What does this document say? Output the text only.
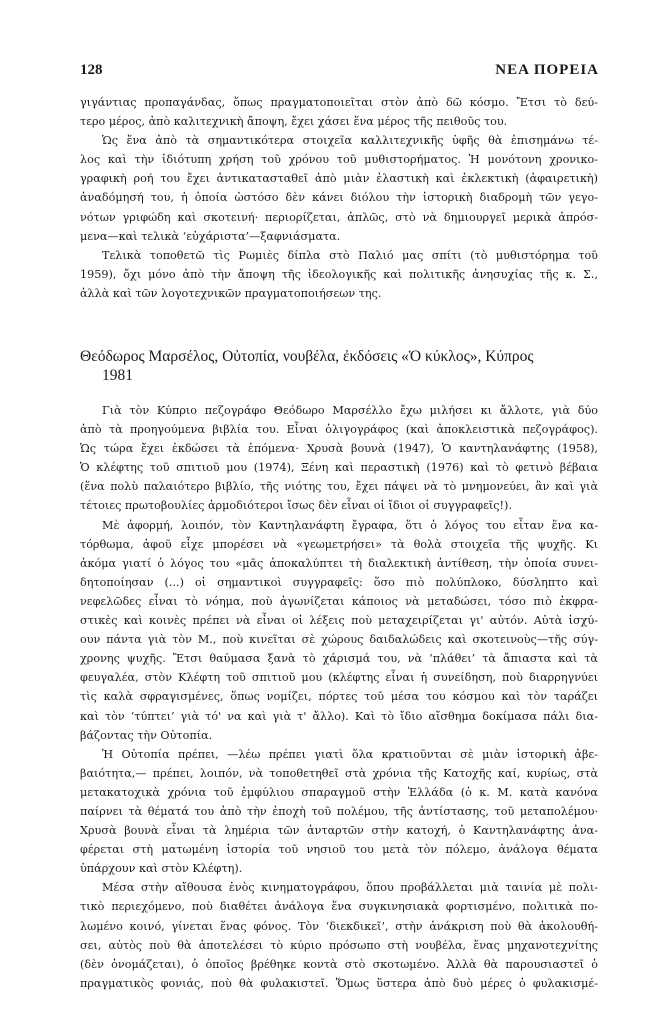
128	ΝΕΑ ΠΟΡΕΙΑ
γιγάντιας προπαγάνδας, ὅπως πραγματοποιεῖται στὸν ἀπὸ δῶ κόσμο. Ἔτσι τὸ δεύ-
τερο μέρος, ἀπὸ καλιτεχνικὴ ἄποψη, ἔχει χάσει ἕνα μέρος τῆς πειθοῦς του.
Ὡς ἕνα ἀπὸ τὰ σημαντικότερα στοιχεῖα καλλιτεχνικῆς ὑφῆς θὰ ἐπισημάνω τέ-
λος καὶ τὴν ἰδιότυπη χρήση τοῦ χρόνου τοῦ μυθιστορήματος. Ἡ μονότονη χρονικο-
γραφικὴ ροή του ἔχει ἀντικατασταθεῖ ἀπὸ μιὰν ἐλαστικὴ καὶ ἐκλεκτικὴ (ἀφαιρετικὴ)
ἀναδόμησή του, ἡ ὁποία ὡστόσο δὲν κάνει διόλου τὴν ἱστορικὴ διαδρομὴ τῶν γεγο-
νότων γριφώδη καὶ σκοτεινή· περιορίζεται, ἁπλῶς, στὸ νὰ δημιουργεῖ μερικὰ ἀπρόσ-
μενα—καὶ τελικὰ ‘εὐχάριστα’—ξαφνιάσματα.
Τελικὰ τοποθετῶ τὶς Ρωμιὲς δίπλα στὸ Παλιό μας σπίτι (τὸ μυθιστόρημα τοῦ
1959), ὄχι μόνο ἀπὸ τὴν ἄποψη τῆς ἰδεολογικῆς καὶ πολιτικῆς ἀνησυχίας τῆς κ. Σ.,
ἀλλὰ καὶ τῶν λογοτεχνικῶν πραγματοποιήσεων της.
Θεόδωρος Μαρσέλος, Οὐτοπία, νουβέλα, ἐκδόσεις «Ὁ κύκλος», Κύπρος
1981
Γιὰ τὸν Κύπριο πεζογράφο Θεόδωρο Μαρσέλλο ἔχω μιλήσει κι ἄλλοτε, γιὰ δύο
ἀπὸ τὰ προηγούμενα βιβλία του. Εἶναι ὀλιγογράφος (καὶ ἀποκλειστικὰ πεζογράφος).
Ὡς τώρα ἔχει ἐκδώσει τὰ ἑπόμενα· Χρυσὰ βουνὰ (1947), Ὁ καντηλανάφτης (1958),
Ὁ κλέφτης τοῦ σπιτιοῦ μου (1974), Ξένη καὶ περαστικὴ (1976) καὶ τὸ φετινὸ βέβαια
(ἕνα πολὺ παλαιότερο βιβλίο, τῆς νιότης του, ἔχει πάψει νὰ τὸ μνημονεύει, ἂν καὶ γιὰ
τέτοιες πρωτοβουλίες ἁρμοδιότεροι ἴσως δὲν εἶναι οἱ ἴδιοι οἱ συγγραφεῖς!).
Μὲ ἀφορμή, λοιπόν, τὸν Καντηλανάφτη ἔγραφα, ὅτι ὁ λόγος του εἶταν ἕνα κα-
τόρθωμα, ἀφοῦ εἶχε μπορέσει νὰ «γεωμετρήσει» τὰ θολὰ στοιχεῖα τῆς ψυχῆς. Κι
ἀκόμα γιατί ὁ λόγος του «μᾶς ἀποκαλύπτει τὴ διαλεκτικὴ ἀντίθεση, τὴν ὁποία συνει-
δητοποίησαν (...) οἱ σημαντικοὶ συγγραφεῖς: ὅσο πιὸ πολύπλοκο, δύσληπτο καὶ
νεφελῶδες εἶναι τὸ νόημα, ποὺ ἀγωνίζεται κάποιος νὰ μεταδώσει, τόσο πιὸ ἐκφρα-
στικὲς καὶ κοινὲς πρέπει νὰ εἶναι οἱ λέξεις ποὺ μεταχειρίζεται γι' αὐτόν. Αὐτὰ ἰσχύ-
ουν πάντα γιὰ τὸν Μ., ποὺ κινεῖται σὲ χώρους δαιδαλώδεις καὶ σκοτεινοὺς—τῆς σύγ-
χρονης ψυχῆς. Ἔτσι θαύμασα ξανὰ τὸ χάρισμά του, νὰ ‘πλάθει’ τὰ ἄπιαστα καὶ τὰ
φευγαλέα, στὸν Κλέφτη τοῦ σπιτιοῦ μου (κλέφτης εἶναι ἡ συνείδηση, ποὺ διαρρηγνύει
τὶς καλὰ σφραγισμένες, ὅπως νομίζει, πόρτες τοῦ μέσα του κόσμου καὶ τὸν ταράζει
καὶ τὸν ‘τύπτει’ γιὰ τό' να καὶ γιὰ τ' ἄλλο). Καὶ τὸ ἴδιο αἴσθημα δοκίμασα πάλι δια-
βάζοντας τὴν Οὐτοπία.
Ἡ Οὐτοπία πρέπει, —λέω πρέπει γιατὶ ὅλα κρατιοῦνται σὲ μιὰν ἱστορικὴ ἀβε-
βαιότητα,— πρέπει, λοιπόν, νὰ τοποθετηθεῖ στὰ χρόνια τῆς Κατοχῆς καί, κυρίως, στὰ
μετακατοχικὰ χρόνια τοῦ ἐμφύλιου σπαραγμοῦ στὴν Ἑλλάδα (ὁ κ. Μ. κατὰ κανόνα
παίρνει τὰ θέματά του ἀπὸ τὴν ἐποχὴ τοῦ πολέμου, τῆς ἀντίστασης, τοῦ μεταπολέμου·
Χρυσὰ βουνὰ εἶναι τὰ λημέρια τῶν ἀνταρτῶν στὴν κατοχή, ὁ Καντηλανάφτης ἀνα-
φέρεται στὴ ματωμένη ἱστορία τοῦ νησιοῦ του μετὰ τὸν πόλεμο, ἀνάλογα θέματα
ὑπάρχουν καὶ στὸν Κλέφτη).
Μέσα στὴν αἴθουσα ἑνὸς κινηματογράφου, ὅπου προβάλλεται μιὰ ταινία μὲ πολι-
τικὸ περιεχόμενο, ποὺ διαθέτει ἀνάλογα ἕνα συγκινησιακὰ φορτισμένο, πολιτικὰ πο-
λωμένο κοινό, γίνεται ἕνας φόνος. Τὸν ‘διεκδικεῖ’, στὴν ἀνάκριση ποὺ θὰ ἀκολουθή-
σει, αὐτὸς ποὺ θὰ ἀποτελέσει τὸ κύριο πρόσωπο στὴ νουβέλα, ἕνας μηχανοτεχνίτης
(δὲν ὀνομάζεται), ὁ ὁποῖος βρέθηκε κοντὰ στὸ σκοτωμένο. Ἀλλὰ θὰ παρουσιαστεῖ ὁ
πραγματικὸς φονιάς, ποὺ θὰ φυλακιστεῖ. Ὅμως ὕστερα ἀπὸ δυὸ μέρες ὁ φυλακισμέ-
